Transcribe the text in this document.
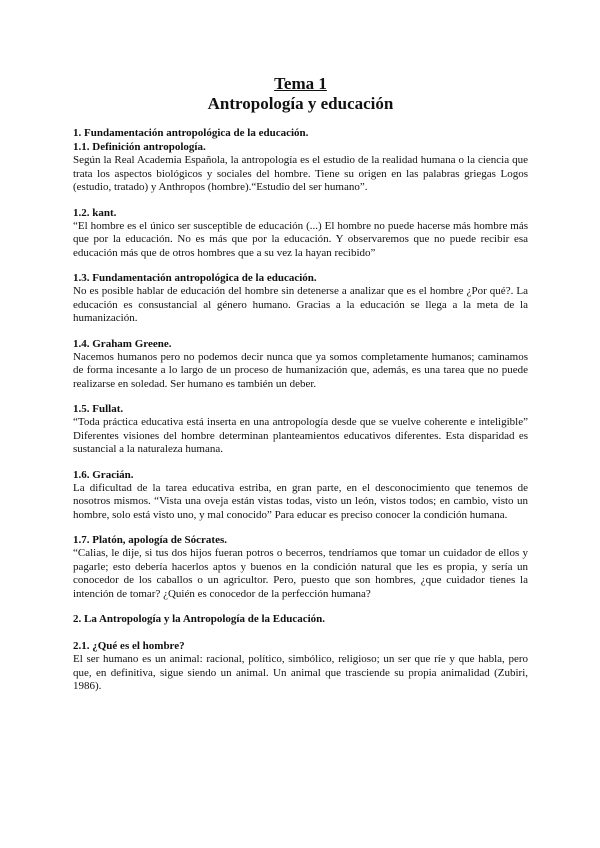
Tema 1
Antropología y educación
1. Fundamentación antropológica de la educación.
1.1. Definición antropología.

Según la Real Academia Española, la antropología es el estudio de la realidad humana o la ciencia que trata los aspectos biológicos y sociales del hombre. Tiene su origen en las palabras griegas Logos (estudio, tratado) y Anthropos (hombre).“Estudio del ser humano”.

1.2. kant.

“El hombre es el único ser susceptible de educación (...) El hombre no puede hacerse más hombre más que por la educación. No es más que por la educación. Y observaremos que no puede recibir esa educación más que de otros hombres que a su vez la hayan recibido”

1.3. Fundamentación antropológica de la educación.

No es posible hablar de educación del hombre sin detenerse a analizar que es el hombre ¿Por qué?. La educación es consustancial al género humano. Gracias a la educación se llega a la meta de la humanización.

1.4. Graham Greene.

Nacemos humanos pero no podemos decir nunca que ya somos completamente humanos; caminamos de forma incesante a lo largo de un proceso de humanización que, además, es una tarea que no puede realizarse en soledad. Ser humano es también un deber.

1.5. Fullat.

“Toda práctica educativa está inserta en una antropología desde que se vuelve coherente e inteligible” Diferentes visiones del hombre determinan planteamientos educativos diferentes. Esta disparidad es sustancial a la naturaleza humana.

1.6. Gracián.

La dificultad de la tarea educativa estriba, en gran parte, en el desconocimiento que tenemos de nosotros mismos. “Vista una oveja están vistas todas, visto un león, vistos todos; en cambio, visto un hombre, solo está visto uno, y mal conocido” Para educar es preciso conocer la condición humana.

1.7. Platón, apología de Sócrates.

“Calias, le dije, si tus dos hijos fueran potros o becerros, tendríamos que tomar un cuidador de ellos y pagarle; esto debería hacerlos aptos y buenos en la condición natural que les es propia, y sería un conocedor de los caballos o un agricultor. Pero, puesto que son hombres, ¿que cuidador tienes la intención de tomar? ¿Quién es conocedor de la perfección humana?

2. La Antropología y la Antropología de la Educación.
2.1. ¿Qué es el hombre?

El ser humano es un animal: racional, político, simbólico, religioso; un ser que ríe y que habla, pero que, en definitiva, sigue siendo un animal. Un animal que trasciende su propia animalidad (Zubiri, 1986).
